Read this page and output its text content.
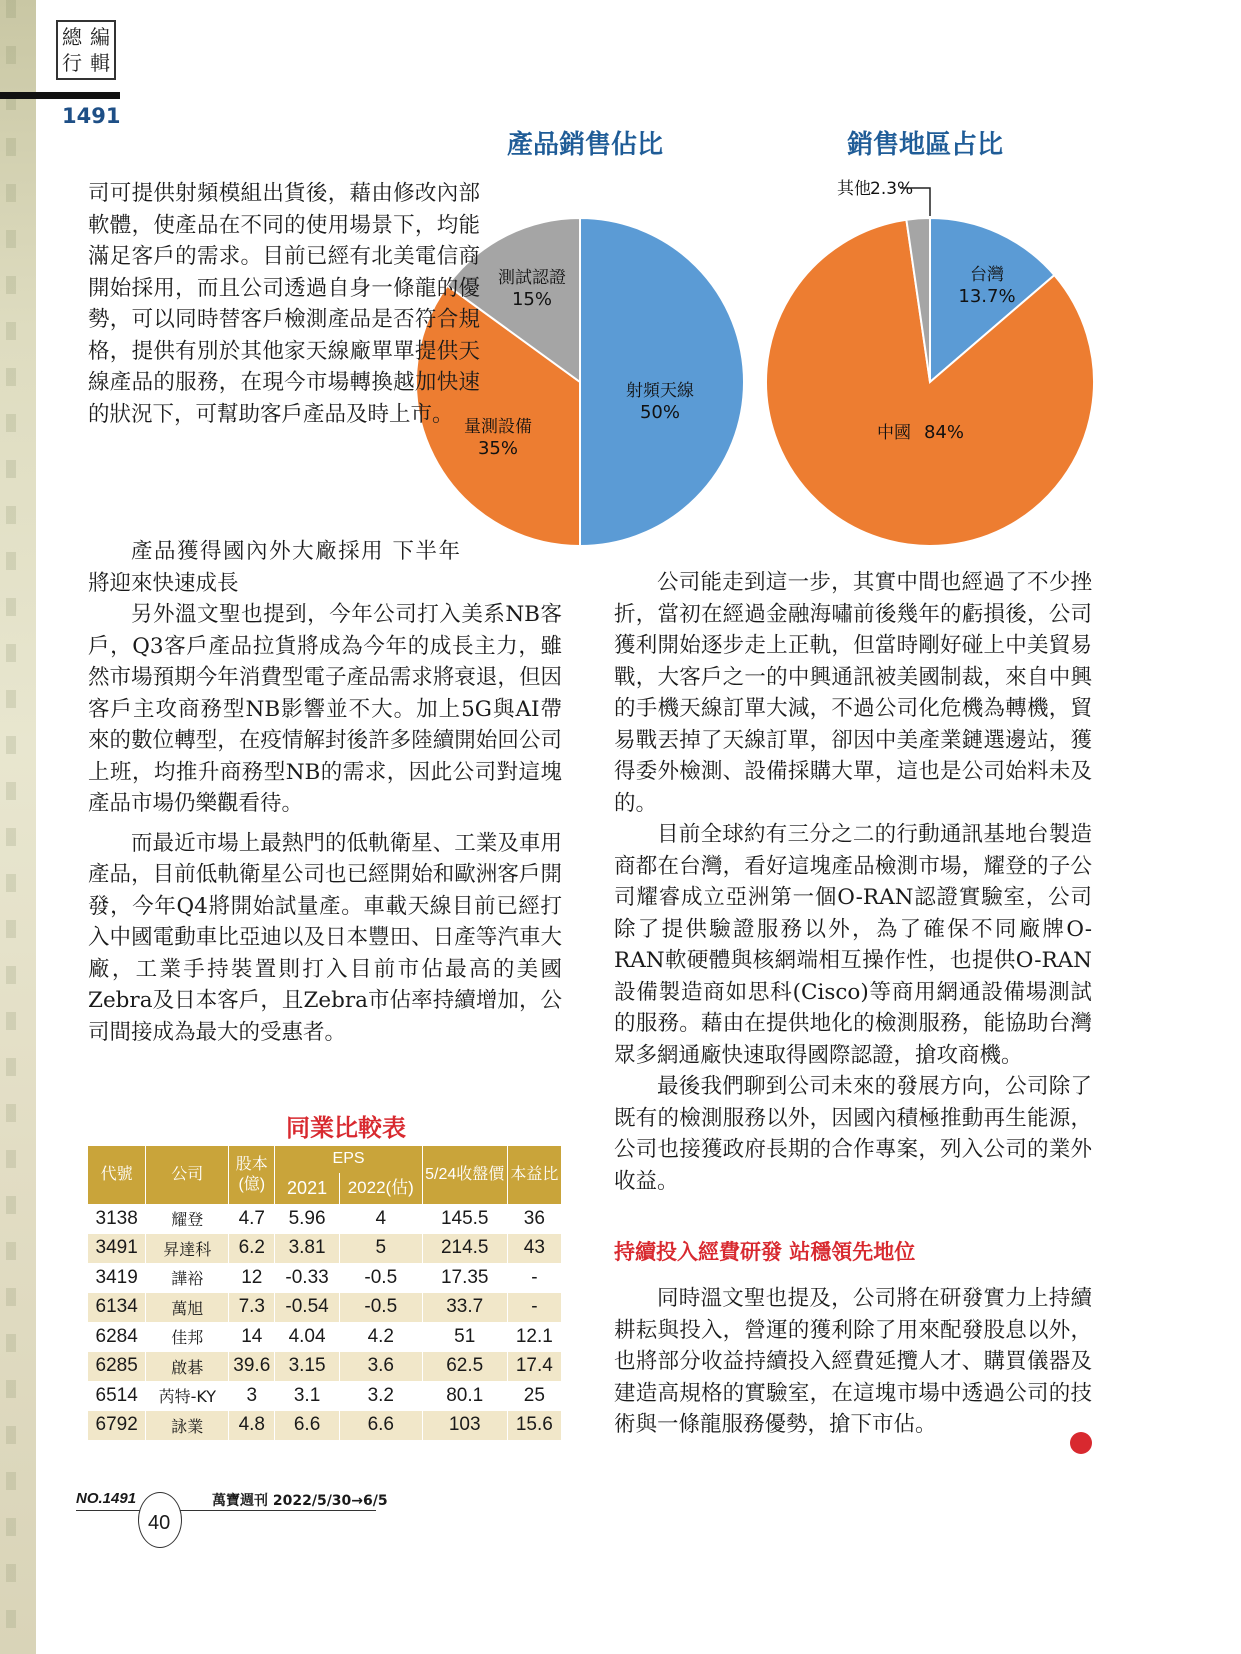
總 編
行 輯
1491
產品銷售佔比	銷售地區占比
射頻天線
50%
量測設備
35%
測試認證
15%
台灣
13.7%
中國 84%
其他 2.3%

司可提供射頻模組出貨後，藉由修改內部軟體，使產品在不同的使用場景下，均能滿足客戶的需求。目前已經有北美電信商開始採用，而且公司透過自身一條龍的優勢，可以同時替客戶檢測產品是否符合規格，提供有別於其他家天線廠單單提供天線產品的服務，在現今市場轉換越加快速的狀況下，可幫助客戶產品及時上市。

產品獲得國內外大廠採用 下半年將迎來快速成長

另外溫文聖也提到，今年公司打入美系NB客戶，Q3客戶產品拉貨將成為今年的成長主力，雖然市場預期今年消費型電子產品需求將衰退，但因客戶主攻商務型NB影響並不大。加上5G與AI帶來的數位轉型，在疫情解封後許多陸續開始回公司上班，均推升商務型NB的需求，因此公司對這塊產品市場仍樂觀看待。

而最近市場上最熱門的低軌衛星、工業及車用產品，目前低軌衛星公司也已經開始和歐洲客戶開發，今年Q4將開始試量產。車載天線目前已經打入中國電動車比亞迪以及日本豐田、日產等汽車大廠，工業手持裝置則打入目前市佔最高的美國Zebra及日本客戶，且Zebra市佔率持續增加，公司間接成為最大的受惠者。

公司能走到這一步，其實中間也經過了不少挫折，當初在經過金融海嘯前後幾年的虧損後，公司獲利開始逐步走上正軌，但當時剛好碰上中美貿易戰，大客戶之一的中興通訊被美國制裁，來自中興的手機天線訂單大減，不過公司化危機為轉機，貿易戰丟掉了天線訂單，卻因中美產業鏈選邊站，獲得委外檢測、設備採購大單，這也是公司始料未及的。

目前全球約有三分之二的行動通訊基地台製造商都在台灣，看好這塊產品檢測市場，耀登的子公司耀睿成立亞洲第一個O-RAN認證實驗室，公司除了提供驗證服務以外，為了確保不同廠牌O-RAN軟硬體與核網端相互操作性，也提供O-RAN設備製造商如思科(Cisco)等商用網通設備場測試的服務。藉由在提供地化的檢測服務，能協助台灣眾多網通廠快速取得國際認證，搶攻商機。

最後我們聊到公司未來的發展方向，公司除了既有的檢測服務以外，因國內積極推動再生能源，公司也接獲政府長期的合作專案，列入公司的業外收益。

持續投入經費研發 站穩領先地位

同時溫文聖也提及，公司將在研發實力上持續耕耘與投入，營運的獲利除了用來配發股息以外，也將部分收益持續投入經費延攬人才、購買儀器及建造高規格的實驗室，在這塊市場中透過公司的技術與一條龍服務優勢，搶下市佔。

同業比較表
代號	公司	股本(億)	EPS		5/24收盤價	本益比
			2021	2022(估)		
3138	耀登	4.7	5.96	4	145.5	36
3491	昇達科	6.2	3.81	5	214.5	43
3419	譁裕	12	-0.33	-0.5	17.35	-
6134	萬旭	7.3	-0.54	-0.5	33.7	-
6284	佳邦	14	4.04	4.2	51	12.1
6285	啟碁	39.6	3.15	3.6	62.5	17.4
6514	芮特-KY	3	3.1	3.2	80.1	25
6792	詠業	4.8	6.6	6.6	103	15.6
NO.1491
40
萬寶週刊 2022/5/30→6/5
